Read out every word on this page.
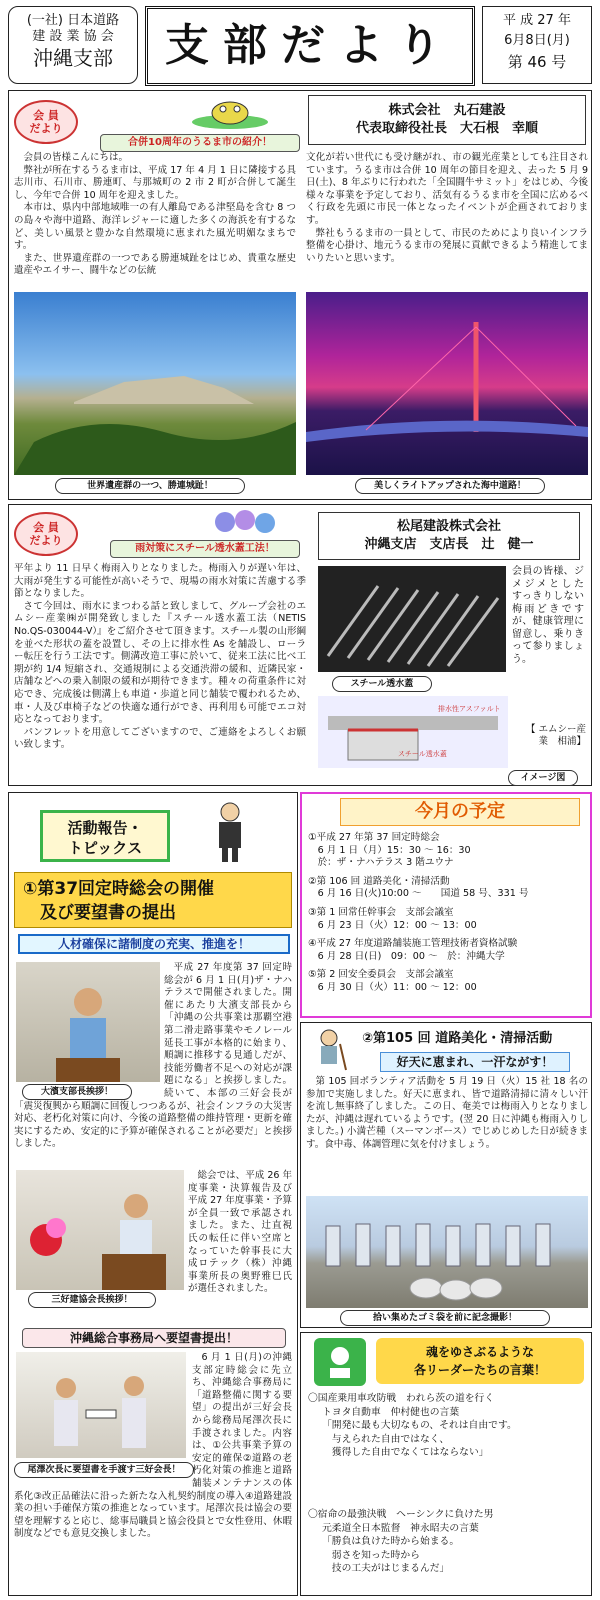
(一社) 日本道路
建 設 業 協 会
沖縄支部	支部だより	平 成 27 年
6月8日(月)
第 46 号
会 員
だより
合併10周年のうるま市の紹介！
株式会社　丸石建設
代表取締役社長　大石根　幸順

会員の皆様こんにちは。

弊社が所在するうるま市は、平成 17 年 4 月 1 日に隣接する具志川市、石川市、勝連町、与那城町の 2 市 2 町が合併して誕生し、今年で合併 10 周年を迎えました。

本市は、県内中部地域唯一の有人離島である津堅島を含む 8 つの島々や海中道路、海洋レジャーに適した多くの海浜を有するなど、美しい風景と豊かな自然環境に恵まれた風光明媚なまちです。

また、世界遺産群の一つである勝連城趾をはじめ、貴重な歴史遺産やエイサー、闘牛などの伝統

文化が若い世代にも受け継がれ、市の観光産業としても注目されています。うるま市は合併 10 周年の節目を迎え、去った 5 月 9 日(土)、8 年ぶりに行われた「全国闘牛サミット」をはじめ、今後様々な事業を予定しており、活気有るうるま市を全国に広めるべく行政を先頭に市民一体となったイベントが企画されております。

弊社もうるま市の一員として、市民のためにより良いインフラ整備を心掛け、地元うるま市の発展に貢献できるよう精進してまいりたいと思います。

世界遺産群の一つ、勝連城趾！	美しくライトアップされた海中道路！
会 員
だより
雨対策にスチール透水蓋工法！
松尾建設株式会社
沖縄支店　支店長　辻　健一

平年より 11 日早く梅雨入りとなりました。梅雨入りが遅い年は、大雨が発生する可能性が高いそうで、現場の雨水対策に苦慮する季節となりました。

さて今回は、雨水にまつわる話と致しまして、グループ会社のエムシー産業㈱が開発致しました『スチール透水蓋工法（NETIS　No.QS-030044-V）』をご紹介させて頂きます。スチール製の山形綱を並べた形状の蓋を設置し、その上に排水性 As を舗設し、ローラー転圧を行う工法です。側溝改造工事に於いて、従来工法に比べ工期が約 1/4 短縮され、交通規制による交通渋滞の緩和、近隣民家・店舗などへの乗入制限の緩和が期待できます。種々の荷重条件に対応でき、完成後は側溝上も車道・歩道と同じ舗装で覆われるため、車・人及び車椅子などの快適な通行ができ、再利用も可能でエコ対応となっております。

パンフレットを用意してございますので、ご連絡をよろしくお願い致します。

スチール透水蓋
会員の皆様、ジメジメとした すっきりしない梅雨どきですが、健康管理に留意し、乗りきって参りましょう。
【 エムシー産業　相浦】
排水性アスファルト
スチール透水蓋
イメージ図
活動報告・
トピックス
①第37回定時総会の開催
　及び要望書の提出
人材確保に諸制度の充実、推進を！
大濱支部長挨拶！

平成 27 年度第 37 回定時総会が 6 月 1 日(月)ザ・ナハテラスで開催されました。開催にあたり大濱支部長から「沖縄の公共事業は那覇空港第二滑走路事業やモノレール延長工事が本格的に始まり、順調に推移する見通しだが、技能労働者不足への対応が課題になる」と挨拶しました。続いて、本部の三好会長が「震災復興から順調に回復しつつあるが、社会インフラの大災害対応、老朽化対策に向け、今後の道路整備の維持管理・更新を確実にするため、安定的に予算が確保されることが必要だ」と挨拶しました。

三好建協会長挨拶！

総会では、平成 26 年度事業・決算報告及び平成 27 年度事業・予算が全員一致で承認されました。また、辻直視氏の転任に伴い空席となっていた幹事長に大成ロテック（株）沖縄事業所長の奥野雅巳氏が選任されました。

沖縄総合事務局へ要望書提出！
尾澤次長に要望書を手渡す三好会長！

6 月 1 日(月)の沖縄支部定時総会に先立ち、沖縄総合事務局に「道路整備に関する要望」の提出が三好会長から総務局尾澤次長に手渡されました。内容は、①公共事業予算の安定的確保②道路の老朽化対策の推進と道路舗装メンテナンスの体系化③改正品確法に沿った新たな入札契約制度の導入④道路建設業の担い手確保方策の推進となっています。尾澤次長は協会の要望を理解すると応じ、総事局職員と協会役員とで女性登用、休暇制度などでも意見交換しました。

今月の予定

①平成 27 年第 37 回定時総会
　6 月 1 日（月）15：30 ～ 16：30
　於：ザ・ナハテラス 3 階ユウナ

②第 106 回 道路美化・清掃活動
　6 月 16 日(火)10:00 ～　　国道 58 号、331 号

③第 1 回常任幹事会　支部会議室
　6 月 23 日（火）12：00 ～ 13：00

④平成 27 年度道路舗装施工管理技術者資格試験
　6 月 28 日(日)　09：00 ～　於：沖縄大学

⑤第 2 回安全委員会　支部会議室
　6 月 30 日（火）11：00 ～ 12：00

②第105 回 道路美化・清掃活動
好天に恵まれ、一汗ながす！

第 105 回ボランティア活動を 5 月 19 日（火）15 社 18 名の参加で実施しました。好天に恵まれ、皆で道路清掃に清々しい汗を流し無事終了しました。この日、奄美では梅雨入りとなりましたが、沖縄は遅れているようです。(翌 20 日に沖縄も梅雨入りしました。) 小満芒種（スーマンボース）でじめじめした日が続きます。食中毒、体調管理に気を付けましょう。

拾い集めたゴミ袋を前に記念撮影！
魂をゆさぶるような
各リーダーたちの言葉！
〇国産乗用車攻防戦　われら茨の道を行く
トヨタ自動車　仲村健也の言葉
「開発に最も大切なもの、それは自由です。
　与えられた自由ではなく、
　獲得した自由でなくてはならない」
〇宿命の最強決戦　ヘーシンクに負けた男
元柔道全日本監督　神永昭夫の言葉
「勝負は負けた時から始まる。
　弱さを知った時から
　技の工夫がはじまるんだ」
